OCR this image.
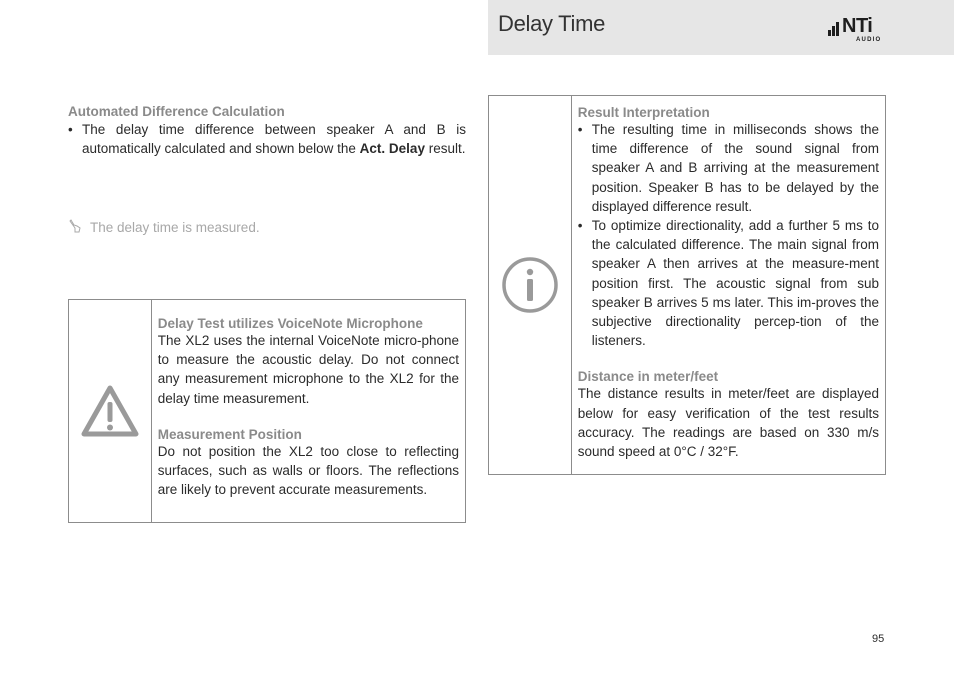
Delay Time	NTi
AUDIO
Automated Difference Calculation
• The delay time difference between speaker A and B is automatically calculated and shown below the Act. Delay result.
The delay time is measured.
Delay Test utilizes VoiceNote Microphone
The XL2 uses the internal VoiceNote micro-phone to measure the acoustic delay. Do not connect any measurement microphone to the XL2 for the delay time measurement.
Measurement Position
Do not position the XL2 too close to reflecting surfaces, such as walls or floors. The reflections are likely to prevent accurate measurements.
Result Interpretation
• The resulting time in milliseconds shows the time difference of the sound signal from speaker A and B arriving at the measurement position. Speaker B has to be delayed by the displayed difference result.
• To optimize directionality, add a further 5 ms to the calculated difference. The main signal from speaker A then arrives at the measure-ment position first. The acoustic signal from sub speaker B arrives 5 ms later. This im-proves the subjective directionality percep-tion of the listeners.
Distance in meter/feet
The distance results in meter/feet are displayed below for easy verification of the test results accuracy. The readings are based on 330 m/s sound speed at 0°C / 32°F.
95
